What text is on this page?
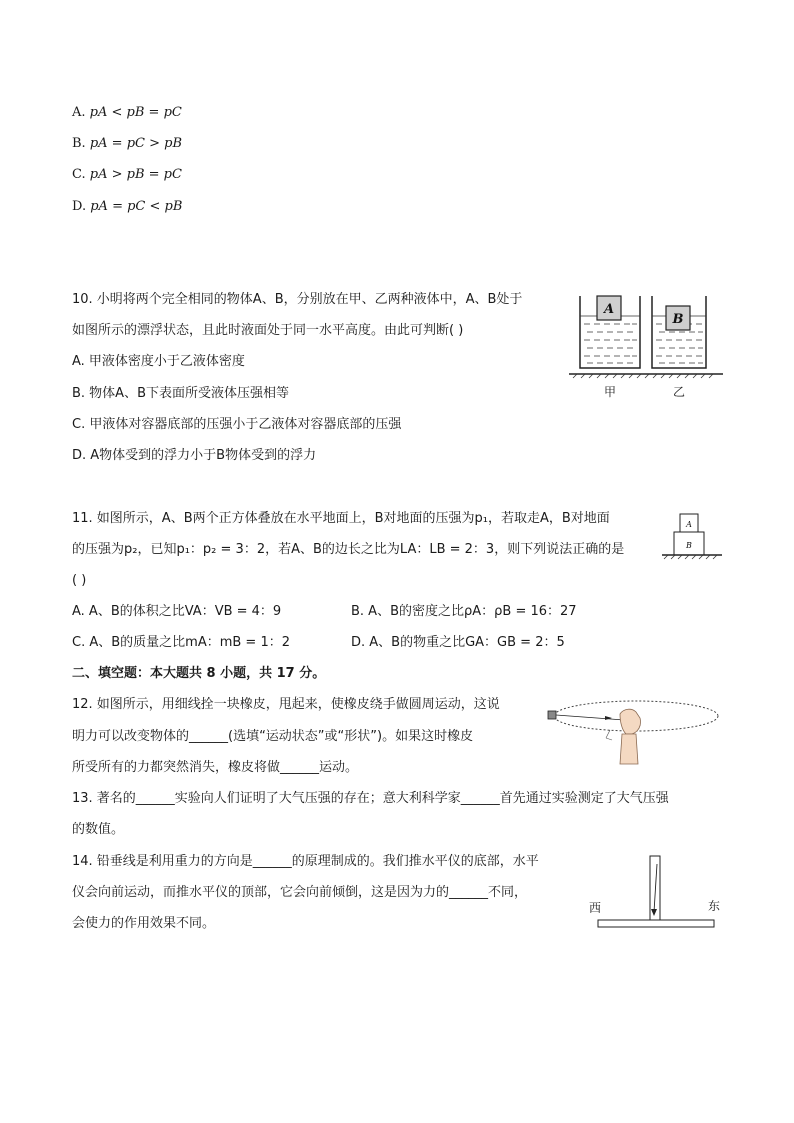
A. pA < pB = pC
B. pA = pC > pB
C. pA > pB = pC
D. pA = pC < pB
10. 小明将两个完全相同的物体A、B，分别放在甲、乙两种液体中，A、B处于
如图所示的漂浮状态，且此时液面处于同一水平高度。由此可判断( )
A. 甲液体密度小于乙液体密度
B. 物体A、B下表面所受液体压强相等
C. 甲液体对容器底部的压强小于乙液体对容器底部的压强
D. A物体受到的浮力小于B物体受到的浮力
A
B
甲	乙
11. 如图所示，A、B两个正方体叠放在水平地面上，B对地面的压强为p₁，若取走A，B对地面
的压强为p₂，已知p₁：p₂ = 3：2，若A、B的边长之比为LA：LB = 2：3，则下列说法正确的是
( )
A. A、B的体积之比VA：VB = 4：9	B. A、B的密度之比ρA：ρB = 16：27
C. A、B的质量之比mA：mB = 1：2	D. A、B的物重之比GA：GB = 2：5
A
B
二、填空题：本大题共 8 小题，共 17 分。
12. 如图所示，用细线拴一块橡皮，甩起来，使橡皮绕手做圆周运动，这说
明力可以改变物体的______(选填“运动状态”或“形状”)。如果这时橡皮
所受所有的力都突然消失，橡皮将做______运动。
13. 著名的______实验向人们证明了大气压强的存在；意大利科学家______首先通过实验测定了大气压强
的数值。
14. 铅垂线是利用重力的方向是______的原理制成的。我们推水平仪的底部，水平
仪会向前运动，而推水平仪的顶部，它会向前倾倒，这是因为力的______不同，
会使力的作用效果不同。
西	东
